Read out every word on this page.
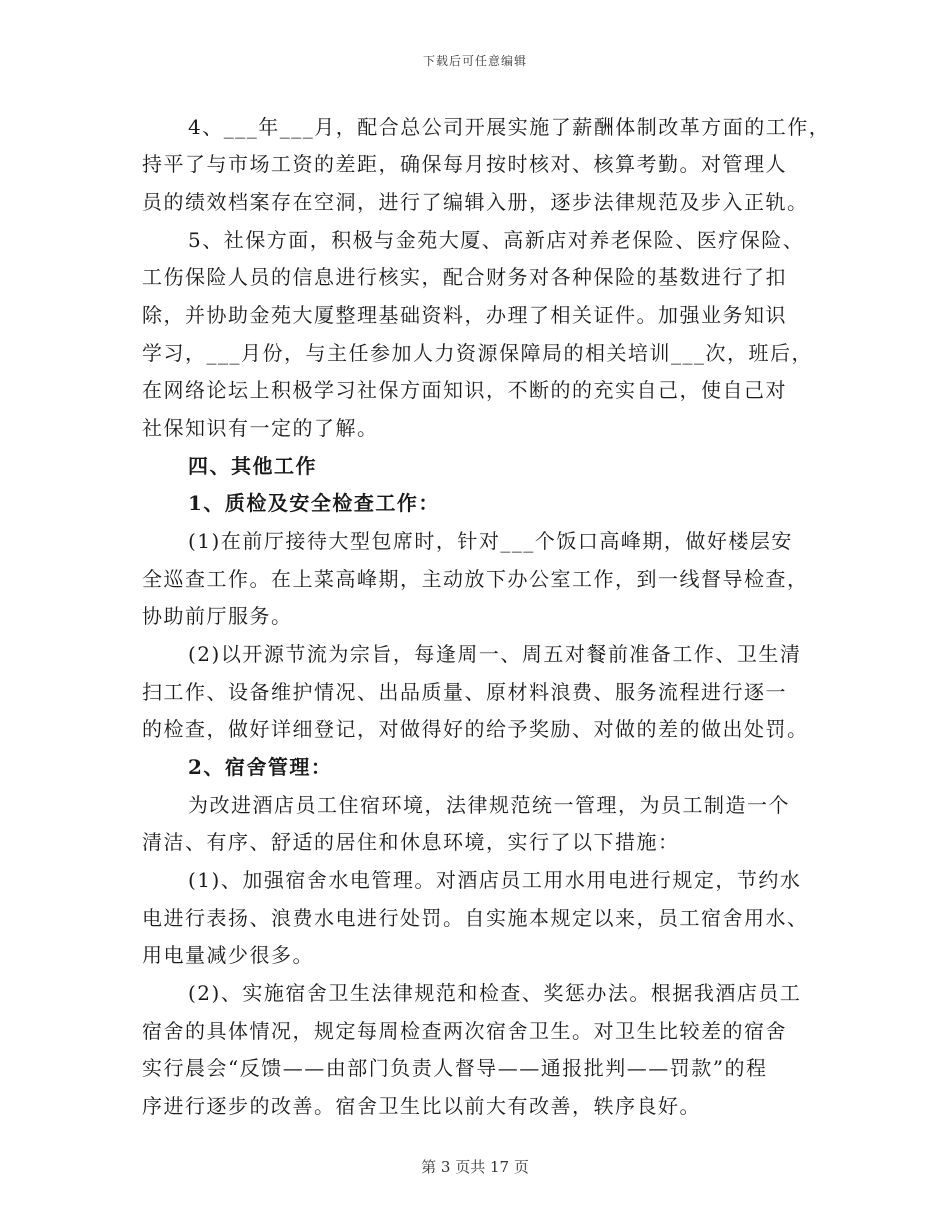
下载后可任意编辑
4、___年___月，配合总公司开展实施了薪酬体制改革方面的工作，
持平了与市场工资的差距，确保每月按时核对、核算考勤。对管理人
员的绩效档案存在空洞，进行了编辑入册，逐步法律规范及步入正轨。
5、社保方面，积极与金苑大厦、高新店对养老保险、医疗保险、
工伤保险人员的信息进行核实，配合财务对各种保险的基数进行了扣
除，并协助金苑大厦整理基础资料，办理了相关证件。加强业务知识
学习，___月份，与主任参加人力资源保障局的相关培训___次，班后，
在网络论坛上积极学习社保方面知识，不断的的充实自己，使自己对
社保知识有一定的了解。
四、其他工作
1、质检及安全检查工作：
(1)在前厅接待大型包席时，针对___个饭口高峰期，做好楼层安
全巡查工作。在上菜高峰期，主动放下办公室工作，到一线督导检查，
协助前厅服务。
(2)以开源节流为宗旨，每逢周一、周五对餐前准备工作、卫生清
扫工作、设备维护情况、出品质量、原材料浪费、服务流程进行逐一
的检查，做好详细登记，对做得好的给予奖励、对做的差的做出处罚。
2、宿舍管理：
为改进酒店员工住宿环境，法律规范统一管理，为员工制造一个
清洁、有序、舒适的居住和休息环境，实行了以下措施：
(1)、加强宿舍水电管理。对酒店员工用水用电进行规定，节约水
电进行表扬、浪费水电进行处罚。自实施本规定以来，员工宿舍用水、
用电量减少很多。
(2)、实施宿舍卫生法律规范和检查、奖惩办法。根据我酒店员工
宿舍的具体情况，规定每周检查两次宿舍卫生。对卫生比较差的宿舍
实行晨会“反馈——由部门负责人督导——通报批判——罚款”的程
序进行逐步的改善。宿舍卫生比以前大有改善，轶序良好。
第 3 页共 17 页
